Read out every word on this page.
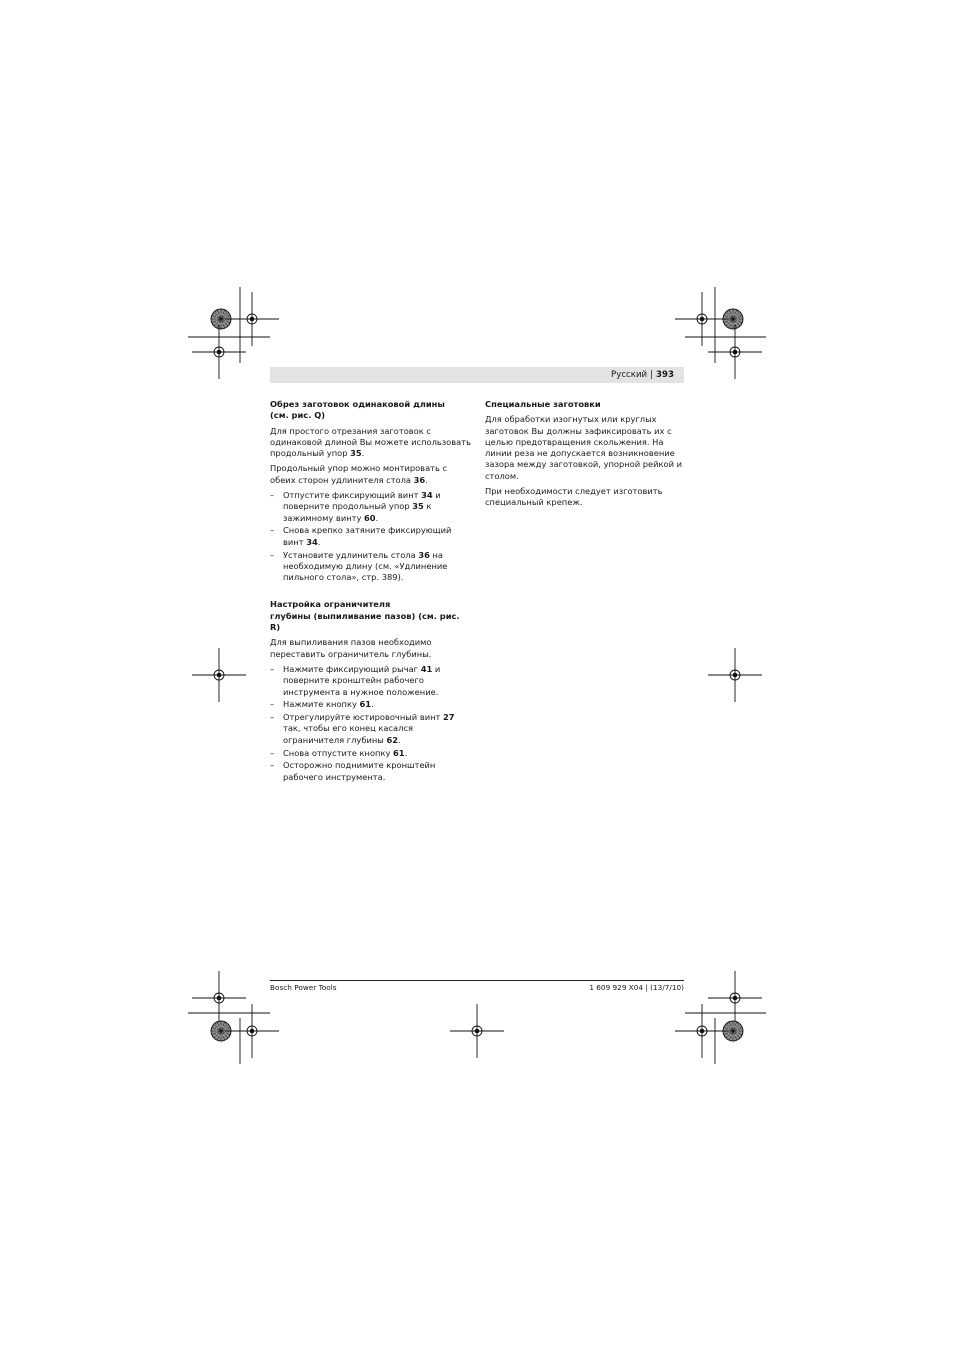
Русский | 393
Обрез заготовок одинаковой длины
(см. рис. Q)

Для простого отрезания заготовок с одинаковой длиной Вы можете использовать продольный упор 35.

Продольный упор можно монтировать с обеих сторон удлинителя стола 36.

– Отпустите фиксирующий винт 34 и поверните продольный упор 35 к зажимному винту 60.
– Снова крепко затяните фиксирующий винт 34.
– Установите удлинитель стола 36 на необходимую длину (см. «Удлинение пильного стола», стр. 389).
Настройка ограничителя
глубины (выпиливание пазов) (см. рис. R)

Для выпиливания пазов необходимо переставить ограничитель глубины.

– Нажмите фиксирующий рычаг 41 и поверните кронштейн рабочего инструмента в нужное положение.
– Нажмите кнопку 61.
– Отрегулируйте юстировочный винт 27 так, чтобы его конец касался ограничителя глубины 62.
– Снова отпустите кнопку 61.
– Осторожно поднимите кронштейн рабочего инструмента.
Специальные заготовки

Для обработки изогнутых или круглых заготовок Вы должны зафиксировать их с целью предотвращения скольжения. На линии реза не допускается возникновение зазора между заготовкой, упорной рейкой и столом.

При необходимости следует изготовить специальный крепеж.

Bosch Power Tools	1 609 929 X04 | (13/7/10)
